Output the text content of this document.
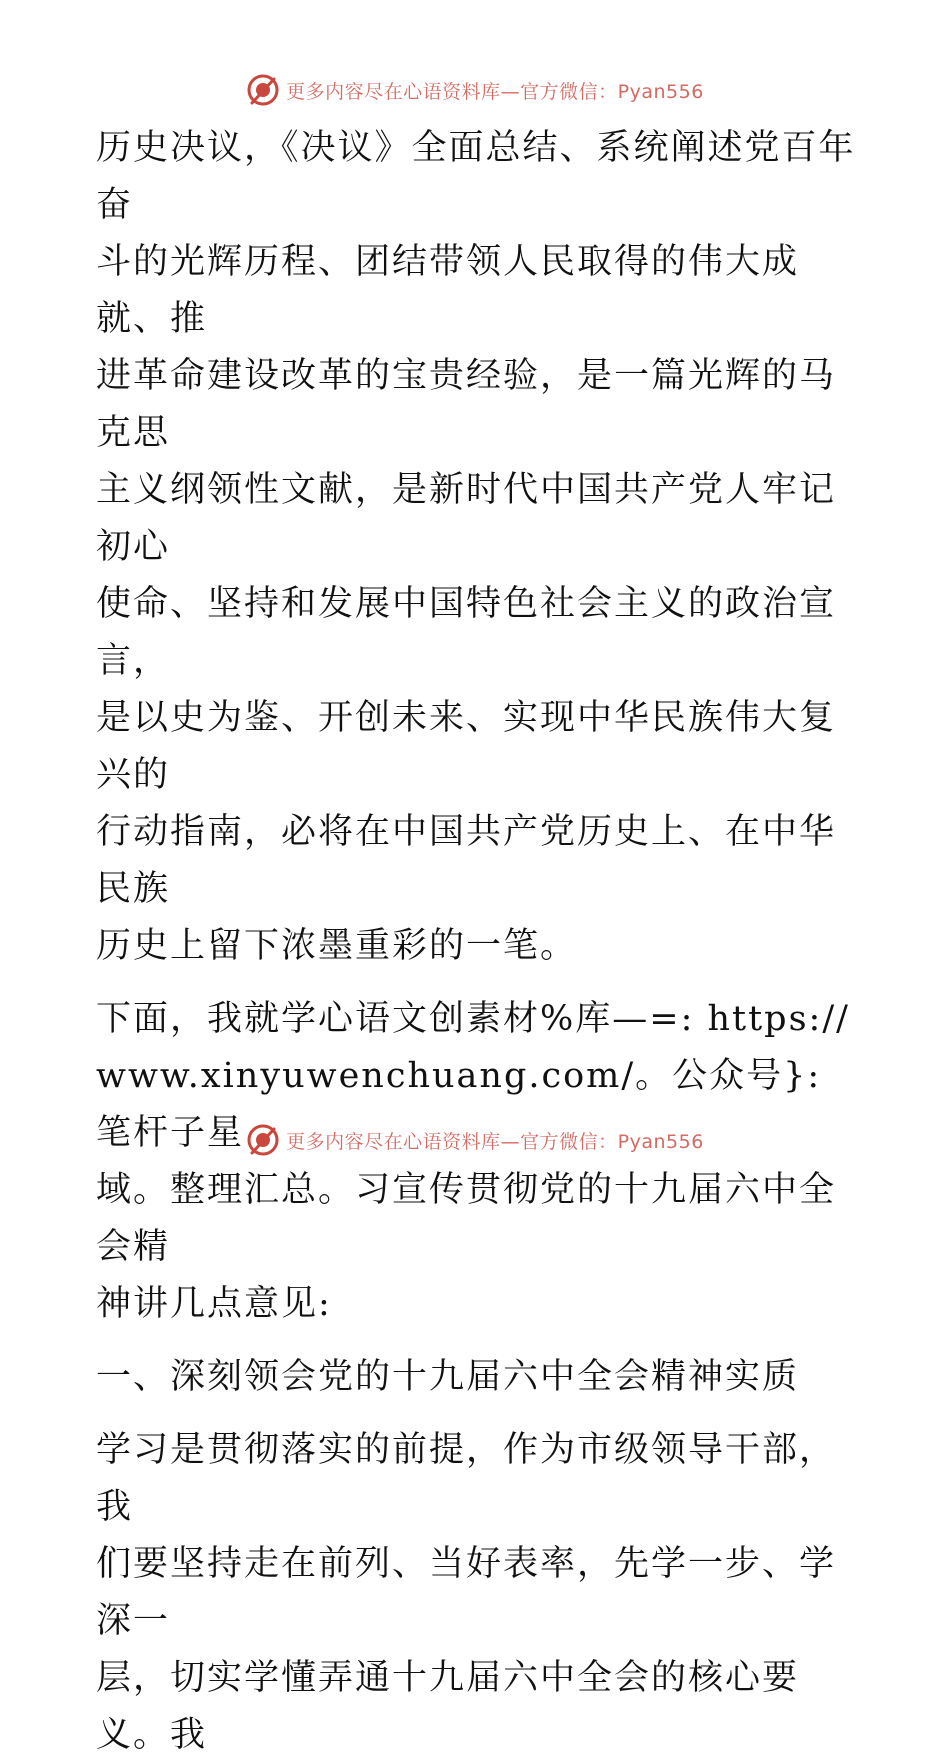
更多内容尽在心语资料库—官方微信：Pyan556

历史决议，《决议》全面总结、系统阐述党百年奋
斗的光辉历程、团结带领人民取得的伟大成就、推
进革命建设改革的宝贵经验，是一篇光辉的马克思
主义纲领性文献，是新时代中国共产党人牢记初心
使命、坚持和发展中国特色社会主义的政治宣言，
是以史为鉴、开创未来、实现中华民族伟大复兴的
行动指南，必将在中国共产党历史上、在中华民族
历史上留下浓墨重彩的一笔。

下面，我就学心语文创素材%库—=: https://
www.xinyuwenchuang.com/。公众号}: 笔杆子星
域。整理汇总。习宣传贯彻党的十九届六中全会精
神讲几点意见:

一、深刻领会党的十九届六中全会精神实质

学习是贯彻落实的前提，作为市级领导干部，我
们要坚持走在前列、当好表率，先学一步、学深一
层，切实学懂弄通十九届六中全会的核心要义。我

更多内容尽在心语资料库—官方微信：Pyan556
